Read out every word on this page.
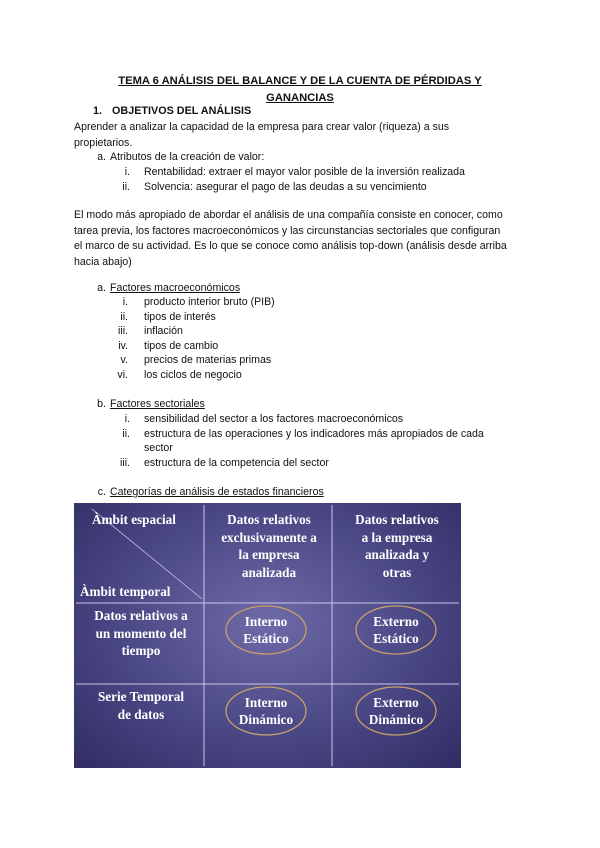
TEMA 6 ANÁLISIS DEL BALANCE Y DE LA CUENTA DE PÉRDIDAS Y
GANANCIAS
1. OBJETIVOS DEL ANÁLISIS
Aprender a analizar la capacidad de la empresa para crear valor (riqueza) a sus
propietarios.
a. Atributos de la creación de valor:
i. Rentabilidad: extraer el mayor valor posible de la inversión realizada
ii. Solvencia: asegurar el pago de las deudas a su vencimiento
El modo más apropiado de abordar el análisis de una compañía consiste en conocer, como
tarea previa, los factores macroeconómicos y las circunstancias sectoriales que configuran
el marco de su actividad. Es lo que se conoce como análisis top-down (análisis desde arriba
hacia abajo)
a. Factores macroeconómicos
i. producto interior bruto (PIB)
ii. tipos de interés
iii. inflación
iv. tipos de cambio
v. precios de materias primas
vi. los ciclos de negocio
b. Factores sectoriales
i. sensibilidad del sector a los factores macroeconómicos
ii. estructura de las operaciones y los indicadores más apropiados de cada
sector
iii. estructura de la competencia del sector
c. Categorías de análisis de estados financieros
Àmbit espacial
Àmbit temporal
Datos relativos
exclusivamente a
la empresa
analizada
Datos relativos
a la empresa
analizada y
otras
Datos relativos a
un momento del
tiempo
Serie Temporal
de datos
Interno
Estático
Externo
Estático
Interno
Dinámico
Externo
Dinámico
